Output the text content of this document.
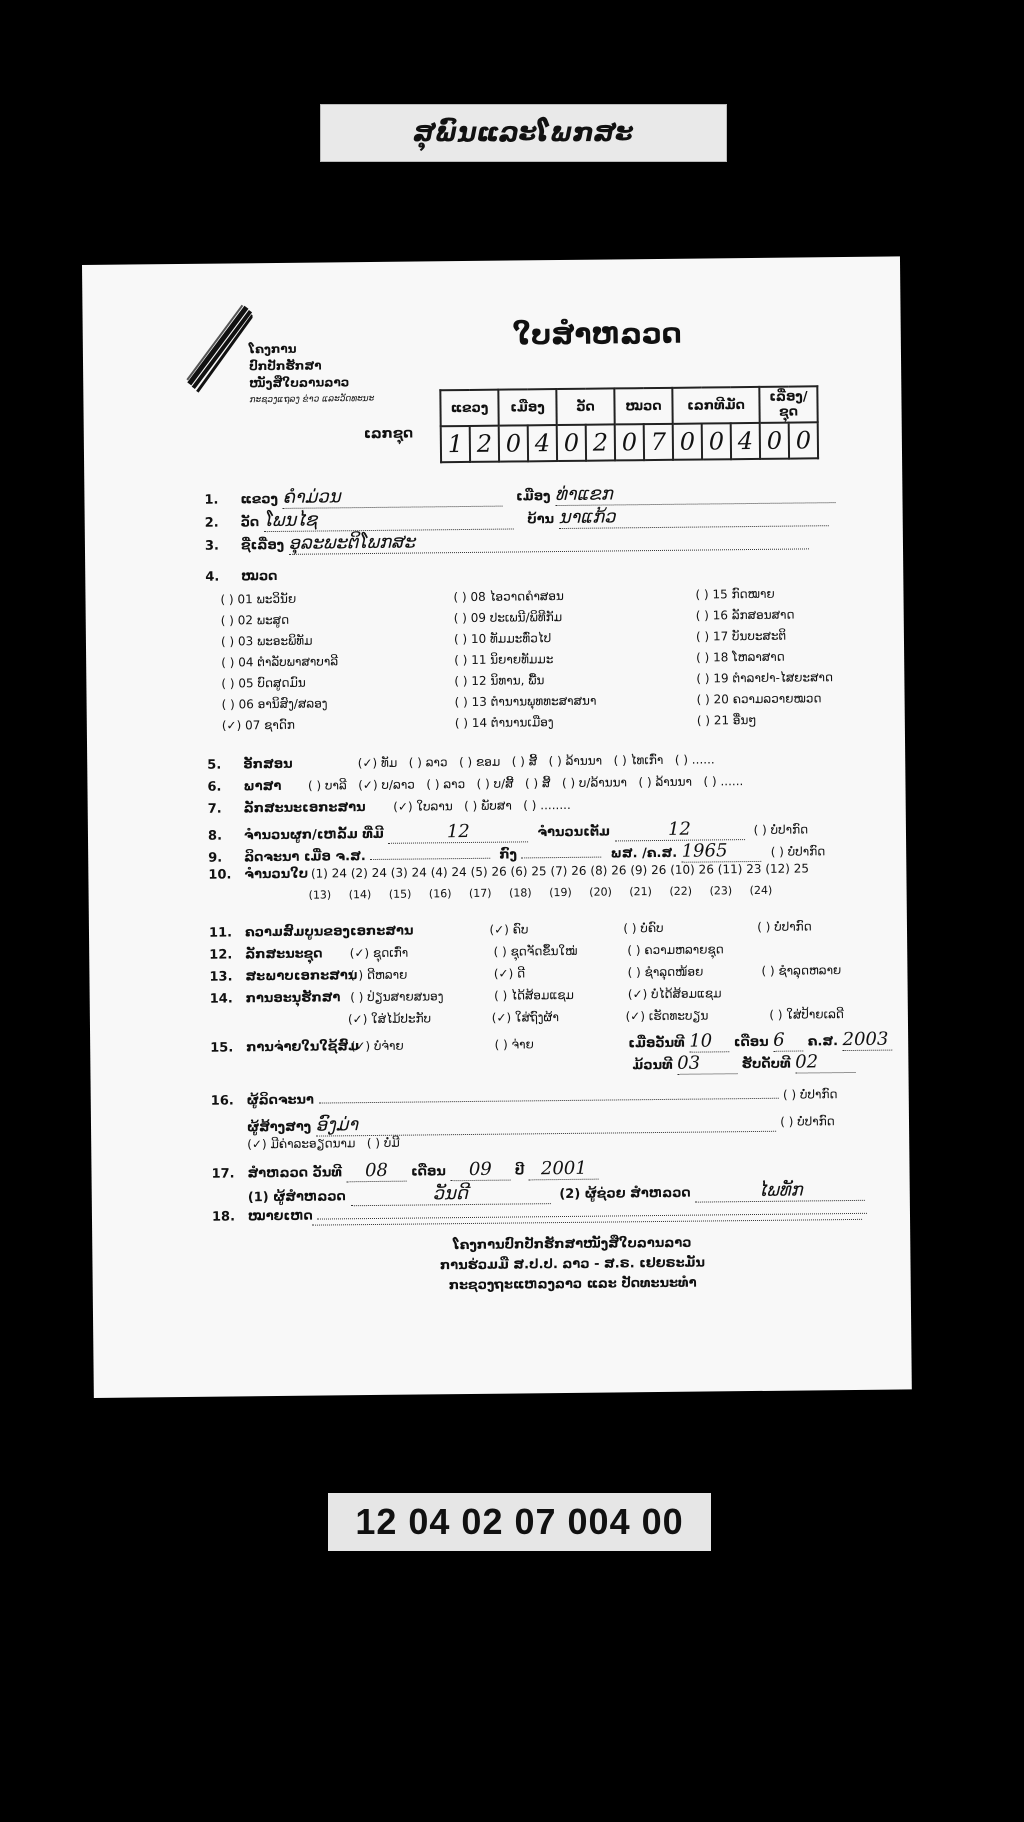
ສຸພົນແລະໂພກສະ
ໂຄງການ
ປົກປັກຮັກສາ
ໜັງສືໃບລານລາວ
ກະຊວງແຖລງ ຂ່າວ ແລະວັດທະນະ
ໃບສຳຫລວດ
ເລກຊຸດ
ແຂວງ		ເມືອງ		ວັດ		ໝວດ		ເລກທີມັດ			ເລື່ອງ/ຊຸດ	
1	2	0	4	0	2	0	7	0	0	4	0	0
1. ແຂວງ ຄຳມ່ວນ	ເມືອງ ທ່າແຂກ
2. ວັດ ໂພນໄຊ	ບ້ານ ນາແກ້ວ
3. ຊື່ເລື່ອງ ອຸລະພະຕິໂພກສະ
4. ໝວດ
( ) 01 ພະວິນັຍ
( ) 02 ພະສູດ
( ) 03 ພະອະພິທັມ
( ) 04 ຕຳລັບພາສາບາລີ
( ) 05 ບົດສູດມົນ
( ) 06 ອານິສົງ/ສລອງ
(✓) 07 ຊາດົກ
( ) 08 ໄອວາດຄຳສອນ
( ) 09 ປະເພນີ/ພິທີກັມ
( ) 10 ທັມມະທົ່ວໄປ
( ) 11 ນິຍາຍທັມມະ
( ) 12 ນິທານ, ພື້ນ
( ) 13 ຕຳນານພຸທທະສາສນາ
( ) 14 ຕຳນານເມືອງ
( ) 15 ກົດໝາຍ
( ) 16 ລັກສອນສາດ
( ) 17 ບັນບະສະຕິ
( ) 18 ໂຫລາສາດ
( ) 19 ຕຳລາຢາ-ໄສຍະສາດ
( ) 20 ຄວາມລວາຍໝວດ
( ) 21 ອື່ນໆ
5. ອັກສອນ	(✓) ທັມ ( ) ລາວ ( ) ຂອມ ( ) ສີ້ ( ) ລ້ານນາ ( ) ໄທເກົ່າ ( ) ......
6. ພາສາ ( ) ບາລີ (✓) ບ/ລາວ ( ) ລາວ ( ) ບ/ສີ້ ( ) ສີ້ ( ) ບ/ລ້ານນາ ( ) ລ້ານນາ ( ) ......
7. ລັກສະນະເອກະສານ (✓) ໃບລານ ( ) ພັບສາ ( ) ........
8. ຈຳນວນຜູກ/ເຫລັ້ມ ທີ່ມີ	12	ຈຳນວນເຕັມ	12	( ) ບໍ່ປາກົດ
9. ລິດຈະນາ ເມື່ອ ຈ.ສ.	ກົງ	ພສ. /ຄ.ສ. 1965	( ) ບໍ່ປາກົດ
10. ຈຳນວນໃບ (1) 24 (2) 24 (3) 24 (4) 24 (5) 26 (6) 25 (7) 26 (8) 26 (9) 26 (10) 26 (11) 23 (12) 25
(13) (14) (15) (16) (17) (18) (19) (20) (21) (22) (23) (24)
11. ຄວາມສົມບູນຂອງເອກະສານ	(✓) ຄົບ	( ) ບໍ່ຄົບ	( ) ບໍ່ປາກົດ
12. ລັກສະນະຊຸດ (✓) ຊຸດເກົ່າ	( ) ຊຸດຈັດຂຶ້ນໃໝ່	( ) ຄວາມຫລາຍຊຸດ
13. ສະພາບເອກະສານ ( ) ດີຫລາຍ	(✓) ດີ	( ) ຊຳລຸດໜ້ອຍ	( ) ຊຳລຸດຫລາຍ
14. ການອະນຸຮັກສາ ( ) ປ່ຽນສາຍສນອງ	( ) ໄດ້ສ້ອມແຊມ	(✓) ບໍ່ໄດ້ສ້ອມແຊມ
(✓) ໃສ່ໄມ້ປະກັບ	(✓) ໃສ່ຖົງຜ້າ	(✓) ເຮັດທະບຽນ	( ) ໃສ່ປ້າຍເລດີ
15. ການຈ່າຍໃນໃຊ້ສົມ (✓) ບໍ່ຈ່າຍ	( ) ຈ່າຍ	ເມື່ອວັນທີ 10 ເດືອນ 6 ຄ.ສ. 2003
ມ້ວນທີ 03	ຮັບດັບທີ 02
16. ຜູ້ລິດຈະນາ	( ) ບໍ່ປາກົດ
ຜູ້ສ້າງສາງ ອົງມ່າ	( ) ບໍ່ປາກົດ
(✓) ມີຄ່າລະອຽດນາມ ( ) ບໍ່ມີ
17. ສຳຫລວດ ວັນທີ 08 ເດືອນ 09 ປີ 2001
(1) ຜູ້ສຳຫລວດ	ວັນດີ	(2) ຜູ້ຊ່ວຍ ສຳຫລວດ	ໄພທັກ
18. ໝາຍເຫດ
ໂຄງການປົກປັກຮັກສາໜັງສືໃບລານລາວ
ການຮ່ວມມື ສ.ປ.ປ. ລາວ - ສ.ຣ. ເຢຍຣະມັນ
ກະຊວງຖະແຫລງລາວ ແລະ ປັດທະນະທຳ
12 04 02 07 004 00
